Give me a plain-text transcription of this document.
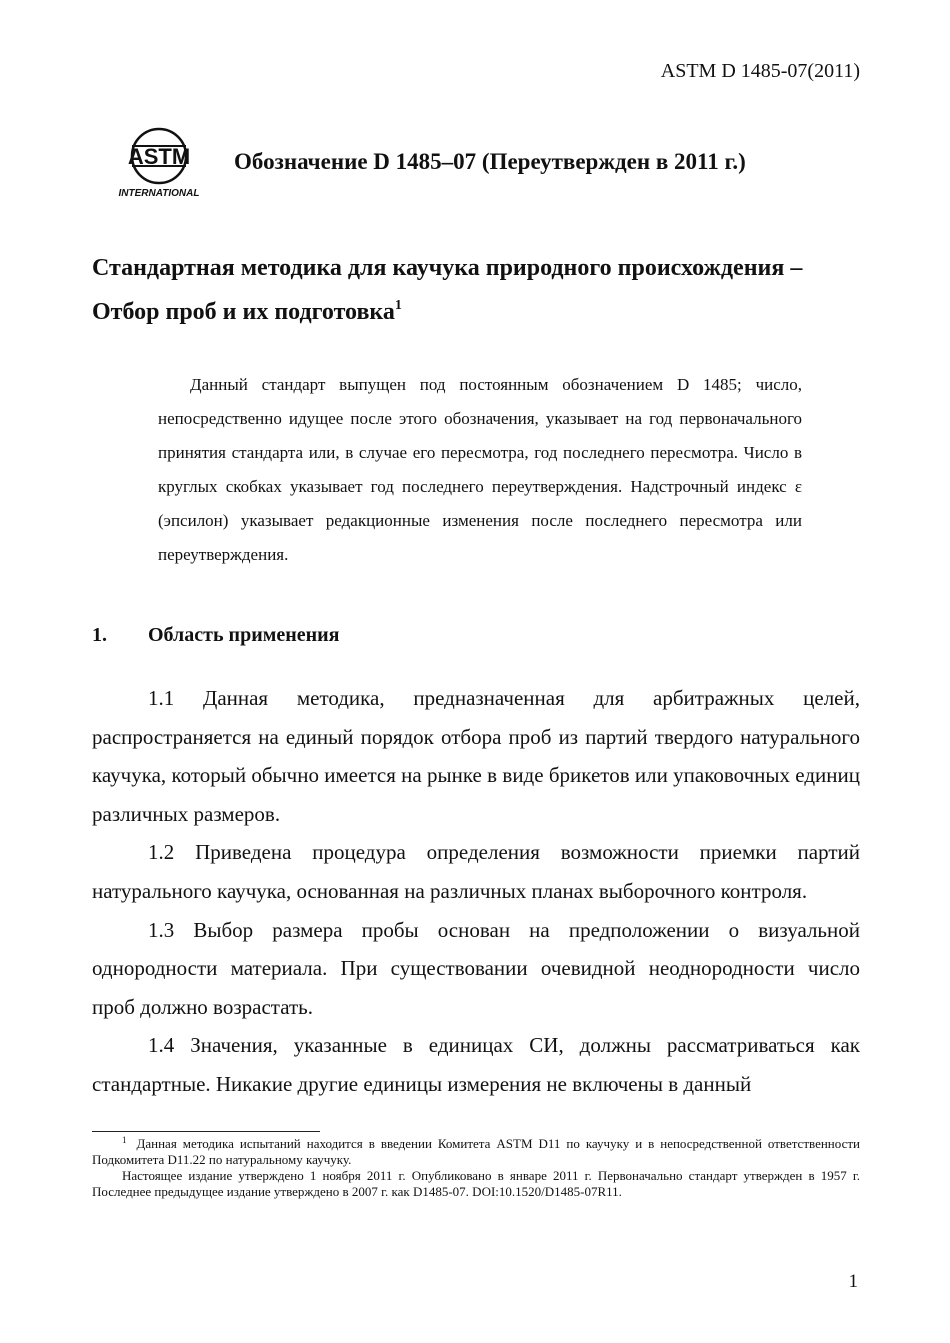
ASTM D 1485-07(2011)
ASTM
INTERNATIONAL
Обозначение D 1485–07 (Переутвержден в 2011 г.)
Стандартная методика для каучука природного происхождения – Отбор проб и их подготовка$^1$

Данный стандарт выпущен под постоянным обозначением D 1485; число, непосредственно идущее после этого обозначения, указывает на год первоначального принятия стандарта или, в случае его пересмотра, год последнего пересмотра. Число в круглых скобках указывает год последнего переутверждения. Надстрочный индекс ε (эпсилон) указывает редакционные изменения после последнего пересмотра или переутверждения.

1. Область применения

1.1 Данная методика, предназначенная для арбитражных целей, распространяется на единый порядок отбора проб из партий твердого натурального каучука, который обычно имеется на рынке в виде брикетов или упаковочных единиц различных размеров.

1.2 Приведена процедура определения возможности приемки партий натурального каучука, основанная на различных планах выборочного контроля.

1.3 Выбор размера пробы основан на предположении о визуальной однородности материала. При существовании очевидной неоднородности число проб должно возрастать.

1.4 Значения, указанные в единицах СИ, должны рассматриваться как стандартные. Никакие другие единицы измерения не включены в данный

$^1$ Данная методика испытаний находится в введении Комитета ASTM D11 по каучуку и в непосредственной ответственности Подкомитета D11.22 по натуральному каучуку.

Настоящее издание утверждено 1 ноября 2011 г. Опубликовано в январе 2011 г. Первоначально стандарт утвержден в 1957 г. Последнее предыдущее издание утверждено в 2007 г. как D1485-07. DOI:10.1520/D1485-07R11.

1
